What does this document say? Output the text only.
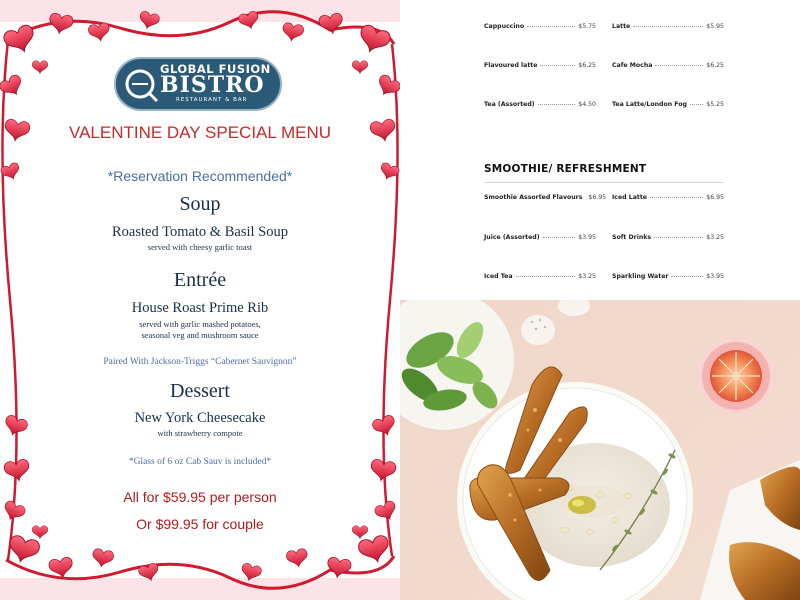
GLOBAL FUSION
BISTRO
RESTAURANT & BAR
VALENTINE DAY SPECIAL MENU
*Reservation Recommended*
Soup
Roasted Tomato & Basil Soup
served with cheesy garlic toast
Entrée
House Roast Prime Rib
served with garlic mashed potatoes,
seasonal veg and mushroom sauce
Paired With Jackson-Triggs “Cabernet Sauvignon”
Dessert
New York Cheesecake
with strawberry compote
*Glass of 6 oz Cab Sauv is included*
All for $59.95 per person
Or $99.95 for couple
Cappuccino	$5.75	Latte	$5.95
Flavoured latte	$6.25	Cafe Mocha	$6.25
Tea (Assorted)	$4.50	Tea Latte/London Fog	$5.25
SMOOTHIE/ REFRESHMENT
Smoothie Assorted Flavours $6.95 Iced Latte	$6.95
Juice (Assorted)	$3.95	Soft Drinks	$3.25
Iced Tea	$3.25	Sparkling Water	$3.95
